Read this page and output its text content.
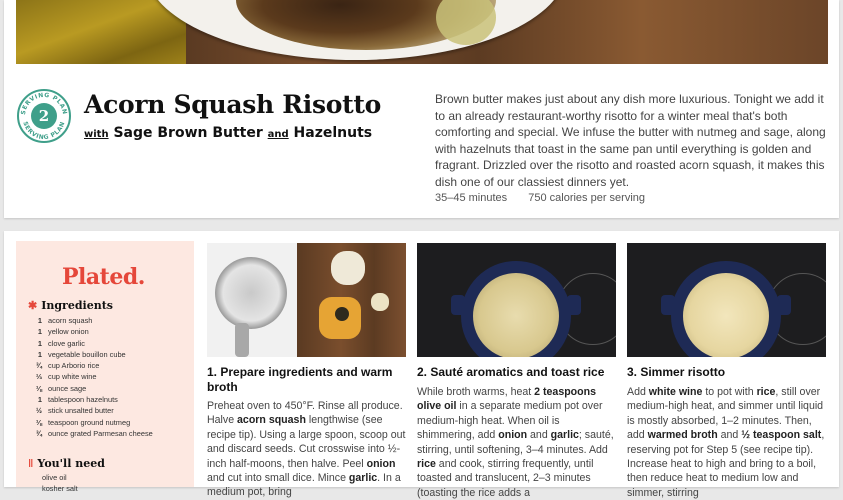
2
SERVING PLAN
SERVING PLAN
Acorn Squash Risotto
with Sage Brown Butter and Hazelnuts

Brown butter makes just about any dish more luxurious. Tonight we add it to an already restaurant-worthy risotto for a winter meal that's both comforting and special. We infuse the butter with nutmeg and sage, along with hazelnuts that toast in the same pan until everything is golden and fragrant. Drizzled over the risotto and roasted acorn squash, it makes this dish one of our classiest dinners yet.

35–45 minutes 750 calories per serving
Plated.
✱ Ingredients
1 acorn squash
1 yellow onion
1 clove garlic
1 vegetable bouillon cube
¾ cup Arborio rice
⅓ cup white wine
⅛ ounce sage
1 tablespoon hazelnuts
½ stick unsalted butter
⅛ teaspoon ground nutmeg
¾ ounce grated Parmesan cheese
ǁ You'll need
olive oil
kosher salt
1. Prepare ingredients and warm broth

Preheat oven to 450°F. Rinse all produce. Halve acorn squash lengthwise (see recipe tip). Using a large spoon, scoop out and discard seeds. Cut crosswise into ½-inch half-moons, then halve. Peel onion and cut into small dice. Mince garlic. In a medium pot, bring

2. Sauté aromatics and toast rice

While broth warms, heat 2 teaspoons olive oil in a separate medium pot over medium-high heat. When oil is shimmering, add onion and garlic; sauté, stirring, until softening, 3–4 minutes. Add rice and cook, stirring frequently, until toasted and translucent, 2–3 minutes (toasting the rice adds a

3. Simmer risotto

Add white wine to pot with rice, still over medium-high heat, and simmer until liquid is mostly absorbed, 1–2 minutes. Then, add warmed broth and ½ teaspoon salt, reserving pot for Step 5 (see recipe tip). Increase heat to high and bring to a boil, then reduce heat to medium low and simmer, stirring
